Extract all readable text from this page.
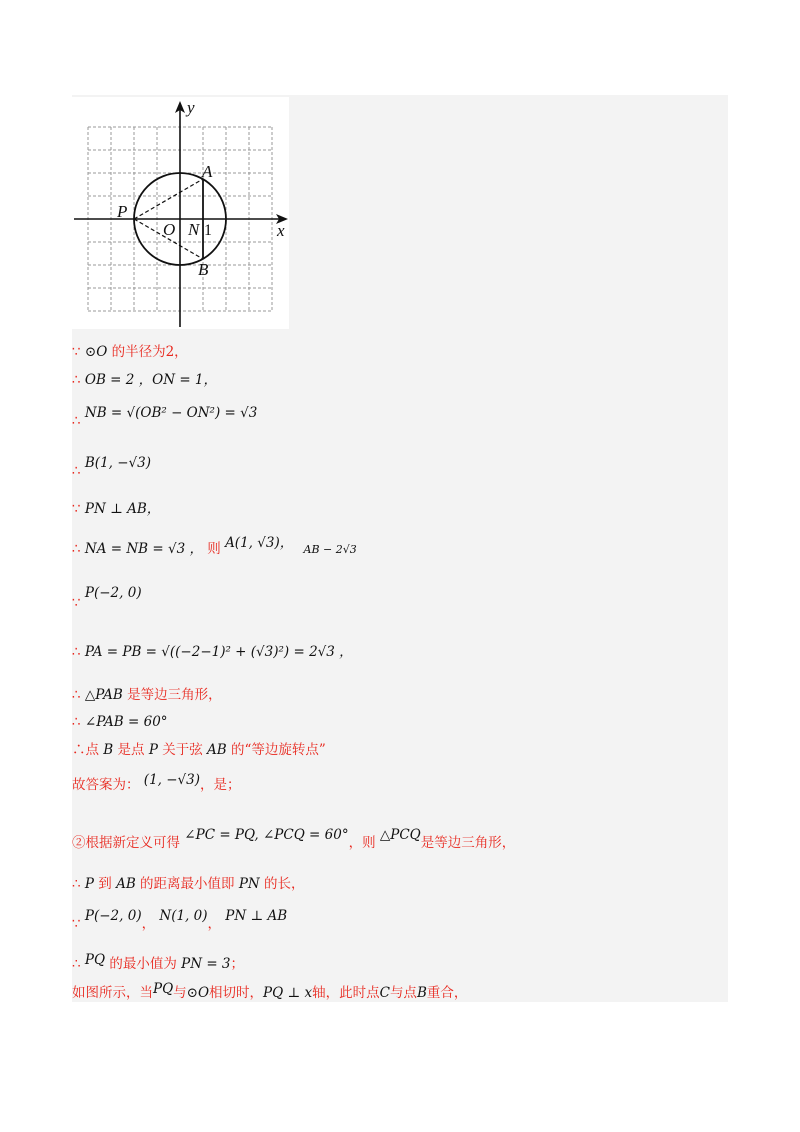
y
x
P
O N
A
B
1
∵ ⊙O 的半径为2，
∴ OB = 2 ，ON = 1，
∴ NB = √(OB² − ON²) = √3
∴ B(1, −√3)
∵ PN ⊥ AB，
∴ NA = NB = √3 ， 则 A(1, √3)， AB − 2√3
∵ P(−2, 0)
∴ PA = PB = √((−2−1)² + (√3)²) = 2√3 ，
∴ △PAB 是等边三角形，
∴ ∠PAB = 60°
∴点 B 是点 P 关于弦 AB 的“等边旋转点”
故答案为： (1, −√3)，是；
②根据新定义可得 ∠PC = PQ, ∠PCQ = 60°，则 △PCQ是等边三角形，
∴ P 到 AB 的距离最小值即 PN 的长，
∵ P(−2, 0)， N(1, 0)， PN ⊥ AB
∴ PQ 的最小值为 PN = 3；
如图所示，当PQ与⊙O相切时，PQ ⊥ x轴，此时点C与点B重合，
